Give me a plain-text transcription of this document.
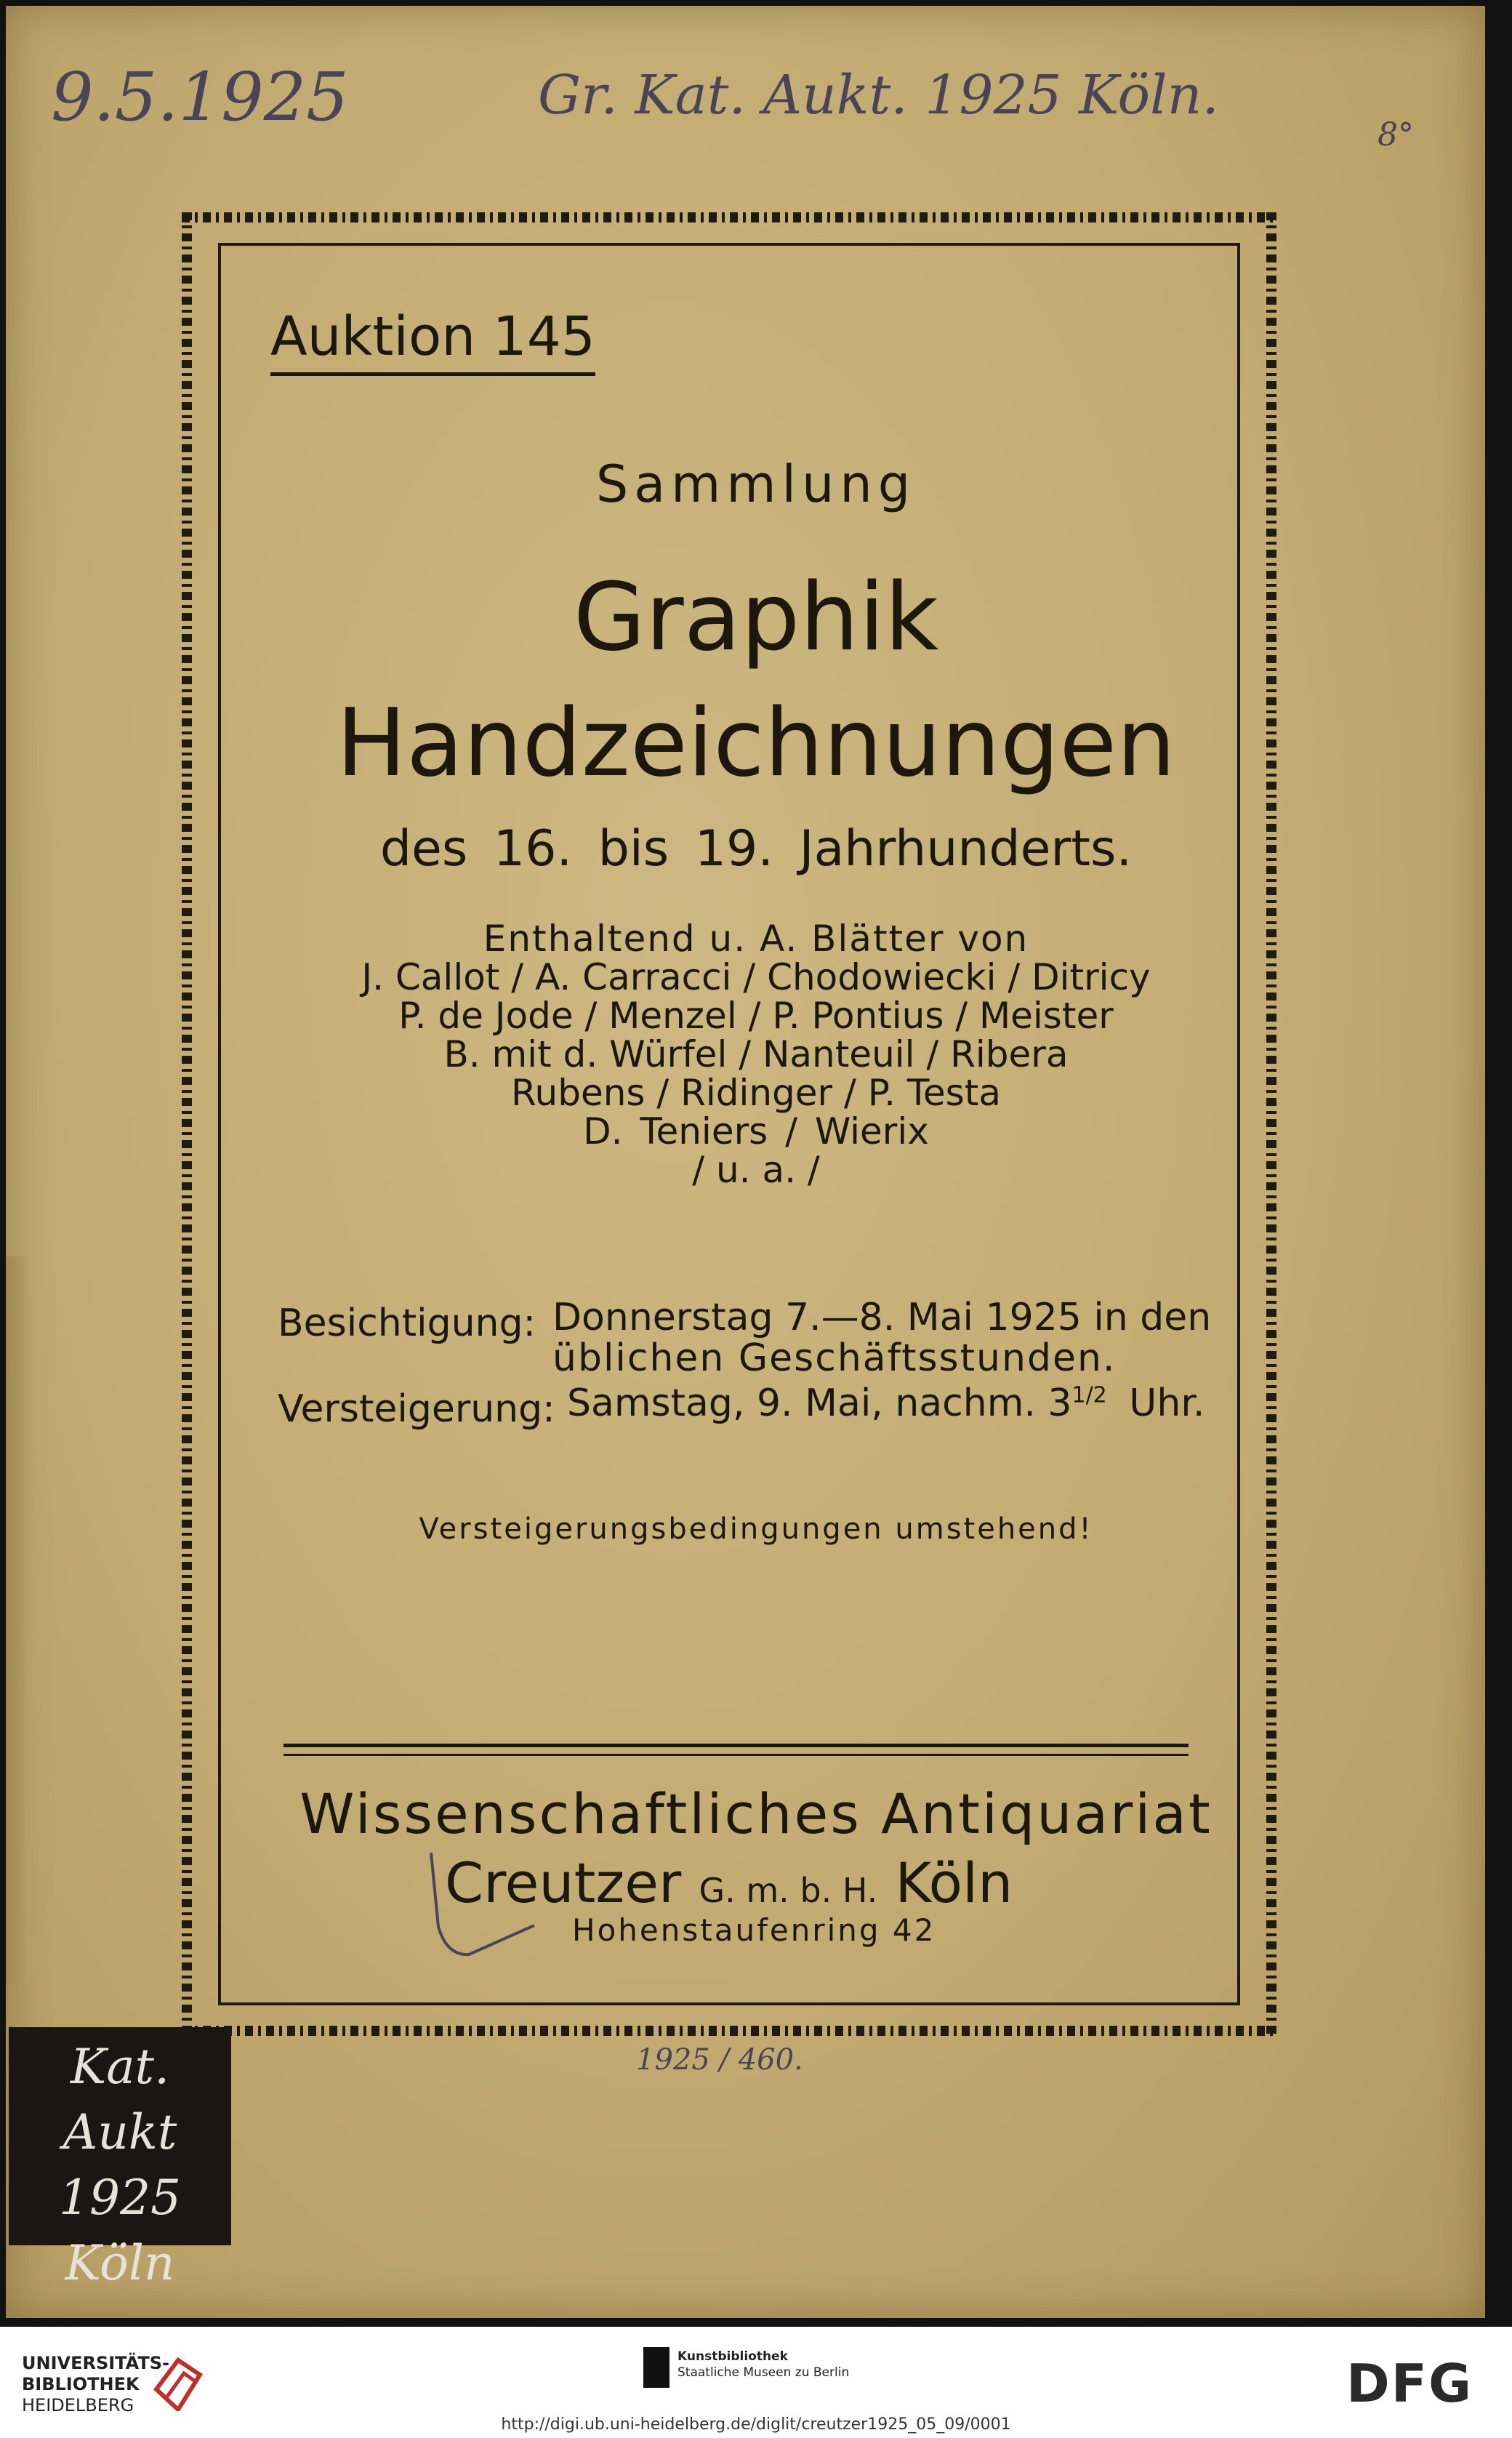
9.5.1925	Gr. Kat. Aukt. 1925 Köln.
8°
Auktion 145
Sammlung
Graphik
Handzeichnungen
des 16. bis 19. Jahrhunderts.
Enthaltend u. A. Blätter von
J. Callot / A. Carracci / Chodowiecki / Ditricy
P. de Jode / Menzel / P. Pontius / Meister
B. mit d. Würfel / Nanteuil / Ribera
Rubens / Ridinger / P. Testa
D. Teniers / Wierix
/ u. a. /
Besichtigung: Donnerstag 7.—8. Mai 1925 in den
üblichen Geschäftsstunden.
Versteigerung: Samstag, 9. Mai, nachm. $3^{1/2}$ Uhr.
Versteigerungsbedingungen umstehend!
Wissenschaftliches Antiquariat
Creutzer G. m. b. H. Köln
Hohenstaufenring 42
1925 / 460.
Kat. Aukt
1925
Köln
UNIVERSITÄTS-
BIBLIOTHEK
HEIDELBERG
Kunstbibliothek
Staatliche Museen zu Berlin	DFG
http://digi.ub.uni-heidelberg.de/diglit/creutzer1925_05_09/0001
